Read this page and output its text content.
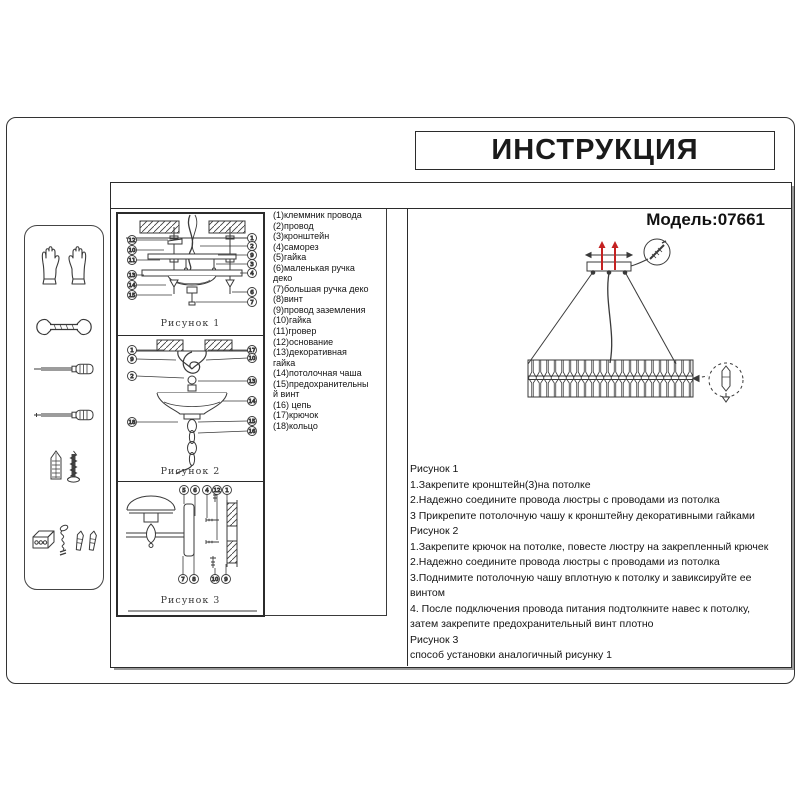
ИНСТРУКЦИЯ
12
10
11
13
14
15
1
2
9
3
4
6
7
Рисунок 1
1
9
2
18
17
10
13
14
15
16
Рисунок 2
5 6 4 12 1
7 8	10 9
Рисунок 3
(1)клеммник провода
(2)провод
(3)кронштейн
(4)саморез
(5)гайка
(6)маленькая ручка
деко
(7)большая ручка деко
(8)винт
(9)провод заземления
(10)гайка
(11)гровер
(12)основание
(13)декоративная
гайка
(14)потолочная чаша
(15)предохранительны
й винт
(16) цепь
(17)крючок
(18)кольцо
Модель:07661
Рисунок 1
1.Закрепите кронштейн(3)на потолке
2.Надежно соедините провода люстры с проводами из потолка
3 Прикрепите потолочную чашу к кронштейну декоративными гайками
Рисунок 2
1.Закрепите крючок на потолке, повесте люстру на закрепленный крючек
2.Надежно соедините провода люстры с проводами из потолка
3.Поднимите потолочную чашу вплотную к потолку и завиксируйте ее
винтом
4. После подключения провода питания подтолкните навес к потолку,
затем закрепите предохранительный винт плотно
Рисунок 3
способ установки аналогичный рисунку 1
